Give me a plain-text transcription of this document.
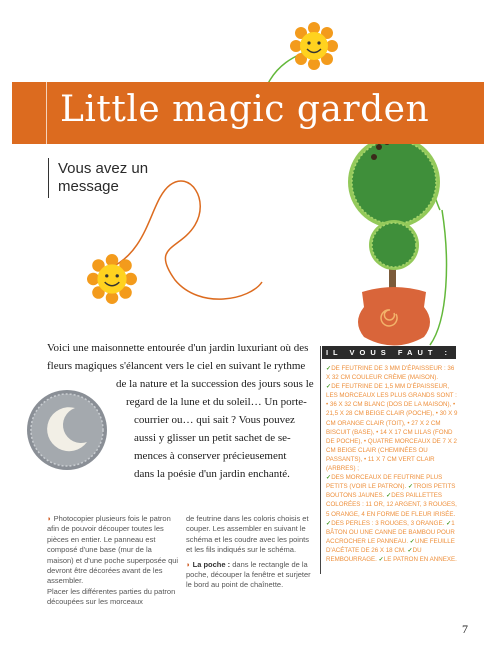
Little magic garden
Vous avez un message
Voici une maisonnette entourée d'un jardin luxuriant où des
fleurs magiques s'élancent vers le ciel en suivant le rythme
de la nature et la succession des jours sous le
regard de la lune et du soleil… Un porte-
courrier ou… qui sait ? Vous pouvez
aussi y glisser un petit sachet de se-
mences à conserver précieusement
dans la poésie d'un jardin enchanté.

◗ Photocopier plusieurs fois le patron afin de pouvoir découper toutes les pièces en entier. Le panneau est composé d'une base (mur de la maison) et d'une poche superposée qui devront être décorées avant de les assembler.

Placer les différentes parties du patron découpées sur les morceaux

de feutrine dans les coloris choisis et couper. Les assembler en suivant le schéma et les coudre avec les points et les fils indiqués sur le schéma.

◗ La poche : dans le rectangle de la poche, découper la fenêtre et surjeter le bord au point de chaînette.

IL VOUS FAUT :

✓DE FEUTRINE DE 3 MM D'ÉPAISSEUR : 36 X 32 CM COULEUR CRÈME (MAISON).

✓DE FEUTRINE DE 1,5 MM D'ÉPAISSEUR, LES MORCEAUX LES PLUS GRANDS SONT : • 36 X 32 CM BLANC (DOS DE LA MAISON), • 21,5 X 28 CM BEIGE CLAIR (POCHE), • 30 X 9 CM ORANGE CLAIR (TOIT), • 27 X 2 CM BISCUIT (BASE), • 14 X 17 CM LILAS (FOND DE POCHE), • QUATRE MORCEAUX DE 7 X 2 CM BEIGE CLAIR (CHEMINÉES OU PASSANTS), • 11 X 7 CM VERT CLAIR (ARBRES) ;

✓DES MORCEAUX DE FEUTRINE PLUS PETITS (VOIR LE PATRON). ✓TROIS PETITS BOUTONS JAUNES. ✓DES PAILLETTES COLORÉES : 11 OR, 12 ARGENT, 3 ROUGES, 5 ORANGE, 4 EN FORME DE FLEUR IRISÉE. ✓DES PERLES : 3 ROUGES, 3 ORANGE. ✓1 BÂTON OU UNE CANNE DE BAMBOU POUR ACCROCHER LE PANNEAU. ✓UNE FEUILLE D'ACÉTATE DE 26 X 18 CM. ✓DU REMBOURRAGE. ✓LE PATRON EN ANNEXE.

7
